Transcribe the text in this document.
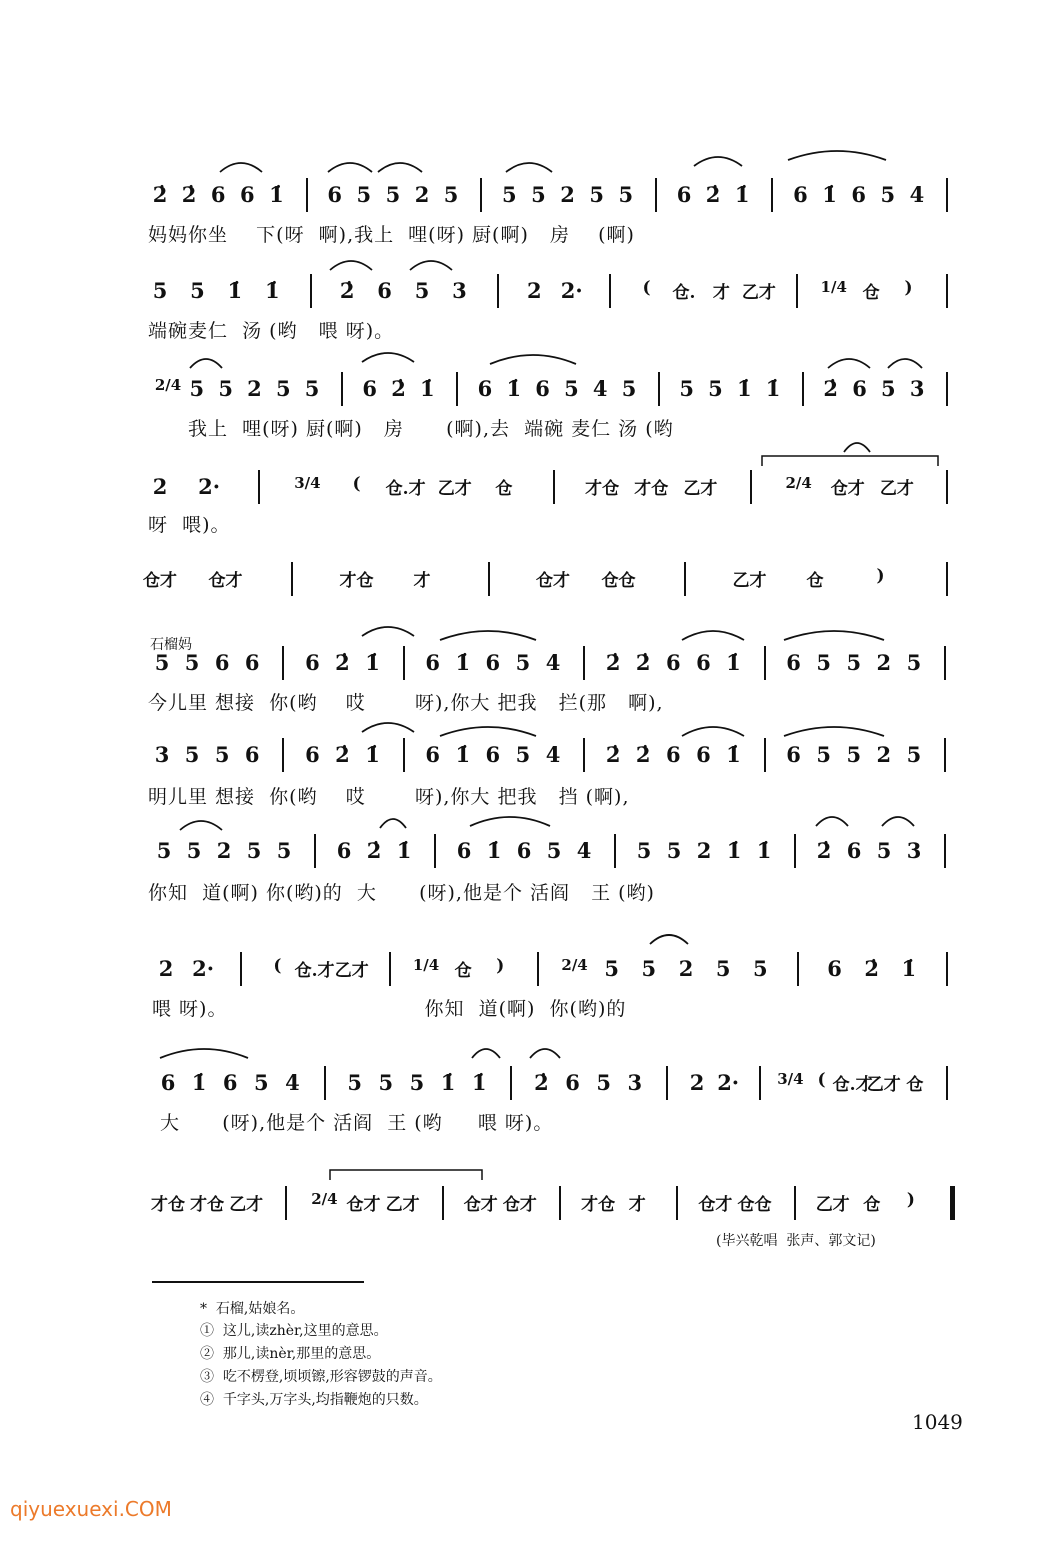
2̇ 2̇ 6 6 1̇ 6 5 5 2 5 5 5 2 5 5 6 2̇ 1̇ 6 1̇ 6 5 4
妈妈你坐    下(呀  啊),我上  哩(呀) 厨(啊)   房    (啊)
5 5 1̇ 1̇	2̇ 6 5 3	2 2·	( 仓. 才 乙才	1/4 仓 )
端碗麦仁  汤 (哟   喂 呀)。
2/4 5 5 2 5 5 6 2̇ 1̇ 6 1̇ 6 5 4 5 5 5 1̇ 1̇ 2̇ 6 5 3
我上  哩(呀) 厨(啊)   房      (啊),去  端碗 麦仁 汤 (哟
2 2·	3/4 ( 仓.才 乙才 仓	才仓 才仓 乙才	2/4 仓才 乙才
呀  喂)。
仓才 仓才	才仓 才	仓才 仓仓	乙才 仓	)
石榴妈
5 5 6 6 6 2̇ 1̇ 6 1̇ 6 5 4 2̇ 2̇ 6 6 1̇ 6 5 5 2 5
今儿里 想接  你(哟    哎       呀),你大 把我   拦(那   啊),
3 5 5 6 6 2̇ 1̇ 6 1̇ 6 5 4 2̇ 2̇ 6 6 1̇ 6 5 5 2 5
明儿里 想接  你(哟    哎       呀),你大 把我   挡 (啊),
5 5 2 5 5 6 2̇ 1̇ 6 1̇ 6 5 4 5 5 2 1̇ 1̇ 2̇ 6 5 3
你知  道(啊) 你(哟)的  大      (呀),他是个 活阎   王 (哟)
2 2·	( 仓.才 乙才	1/4 仓 )	2/4 5 5 2 5 5	6 2̇ 1̇
喂 呀)。                            你知  道(啊)  你(哟)的
6 1̇ 6 5 4 5 5 5 1̇ 1̇ 2̇ 6 5 3 2 2·	3/4 ( 仓.才
乙才 仓
大      (呀),他是个 活阎  王 (哟     喂 呀)。
才仓 才仓 乙才	2/4 仓才 乙才	仓才 仓才	才仓 才	仓才 仓仓	乙才 仓 )
(毕兴乾唱  张声、郭文记)
*  石榴,姑娘名。
①  这儿,读zhèr,这里的意思。
②  那儿,读nèr,那里的意思。
③  吃不楞登,顷顷镲,形容锣鼓的声音。
④  千字头,万字头,均指鞭炮的只数。
1049
qiyuexuexi.COM
